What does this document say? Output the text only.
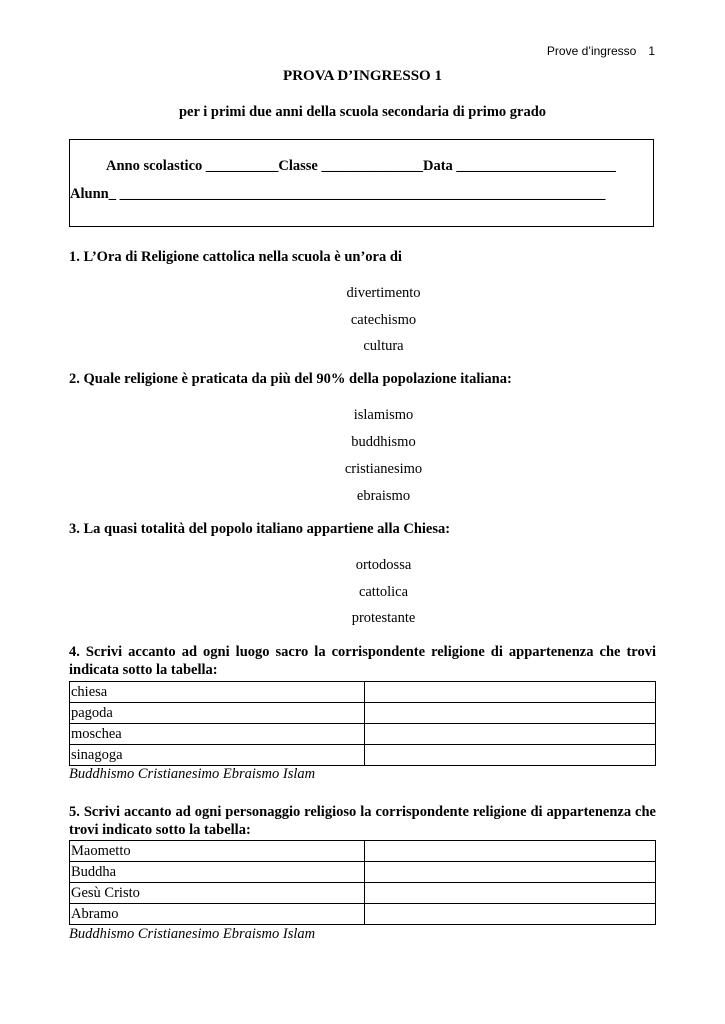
Prove d’ingresso 1
PROVA D’INGRESSO 1
per i primi due anni della scuola secondaria di primo grado
Anno scolastico __________Classe ______________Data ______________________
Alunn_ ___________________________________________________________________
1. L’Ora di Religione cattolica nella scuola è un’ora di
divertimento
catechismo
cultura
2. Quale religione è praticata da più del 90% della popolazione italiana:
islamismo
buddhismo
cristianesimo
ebraismo
3. La quasi totalità del popolo italiano appartiene alla Chiesa:
ortodossa
cattolica
protestante
4. Scrivi accanto ad ogni luogo sacro la corrispondente religione di appartenenza che trovi indicata sotto la tabella:
chiesa	
pagoda	
moschea	
sinagoga	
Buddhismo Cristianesimo Ebraismo Islam
5. Scrivi accanto ad ogni personaggio religioso la corrispondente religione di appartenenza che trovi indicato sotto la tabella:
Maometto	
Buddha	
Gesù Cristo	
Abramo	
Buddhismo Cristianesimo Ebraismo Islam
